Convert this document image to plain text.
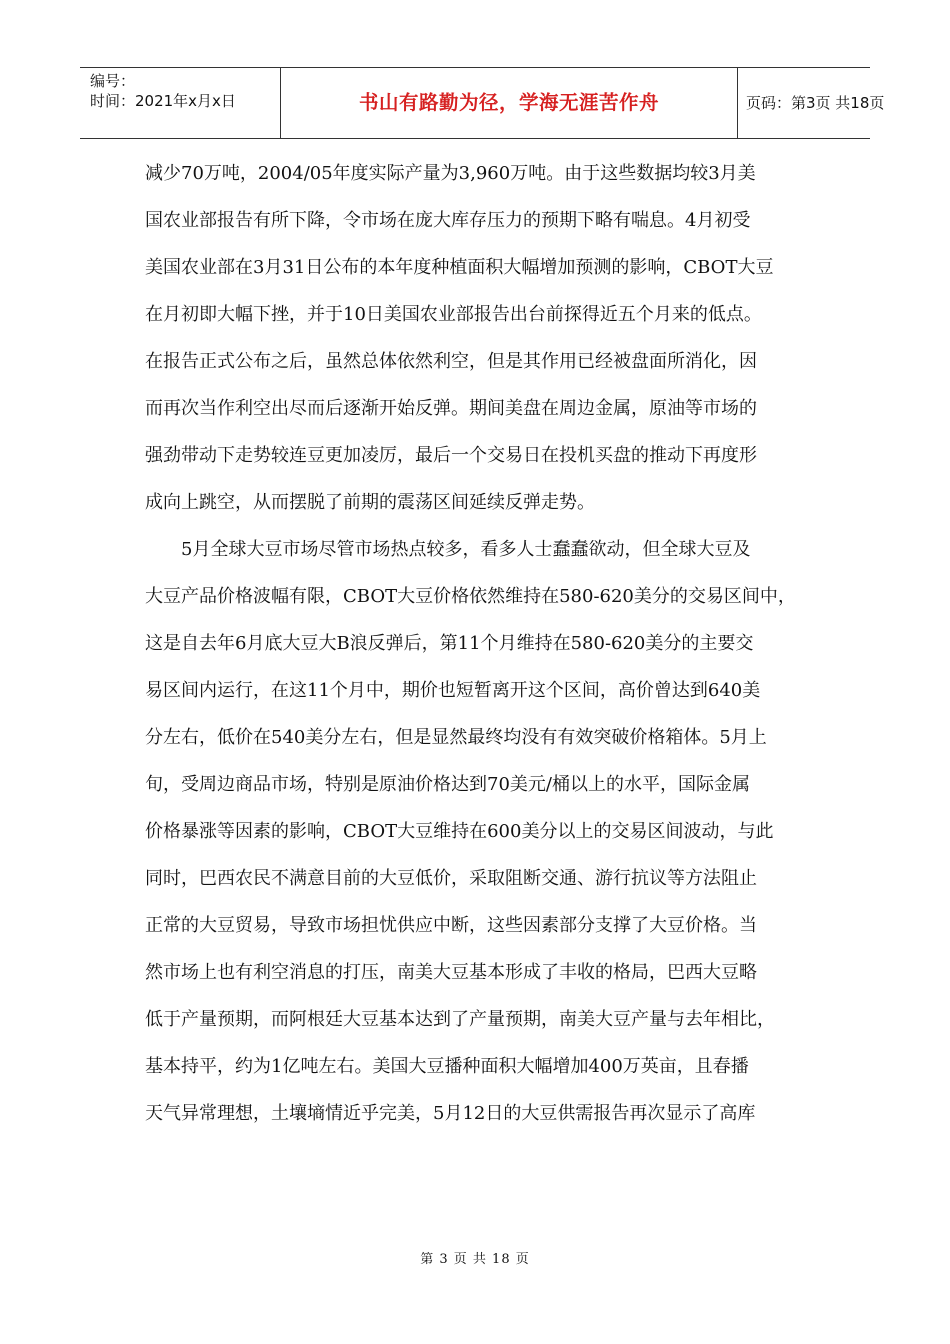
编号：
时间：2021年x月x日	书山有路勤为径，学海无涯苦作舟	页码：第3页 共18页
减少70万吨，2004/05年度实际产量为3,960万吨。由于这些数据均较3月美
国农业部报告有所下降，令市场在庞大库存压力的预期下略有喘息。4月初受
美国农业部在3月31日公布的本年度种植面积大幅增加预测的影响，CBOT大豆
在月初即大幅下挫，并于10日美国农业部报告出台前探得近五个月来的低点。
在报告正式公布之后，虽然总体依然利空，但是其作用已经被盘面所消化，因
而再次当作利空出尽而后逐渐开始反弹。期间美盘在周边金属，原油等市场的
强劲带动下走势较连豆更加凌厉，最后一个交易日在投机买盘的推动下再度形
成向上跳空，从而摆脱了前期的震荡区间延续反弹走势。
　　5月全球大豆市场尽管市场热点较多，看多人士蠢蠢欲动，但全球大豆及
大豆产品价格波幅有限，CBOT大豆价格依然维持在580-620美分的交易区间中，
这是自去年6月底大豆大B浪反弹后，第11个月维持在580-620美分的主要交
易区间内运行，在这11个月中，期价也短暂离开这个区间，高价曾达到640美
分左右，低价在540美分左右，但是显然最终均没有有效突破价格箱体。5月上
旬，受周边商品市场，特别是原油价格达到70美元/桶以上的水平，国际金属
价格暴涨等因素的影响，CBOT大豆维持在600美分以上的交易区间波动，与此
同时，巴西农民不满意目前的大豆低价，采取阻断交通、游行抗议等方法阻止
正常的大豆贸易，导致市场担忧供应中断，这些因素部分支撑了大豆价格。当
然市场上也有利空消息的打压，南美大豆基本形成了丰收的格局，巴西大豆略
低于产量预期，而阿根廷大豆基本达到了产量预期，南美大豆产量与去年相比，
基本持平，约为1亿吨左右。美国大豆播种面积大幅增加400万英亩，且春播
天气异常理想，土壤墒情近乎完美，5月12日的大豆供需报告再次显示了高库
第 3 页 共 18 页
